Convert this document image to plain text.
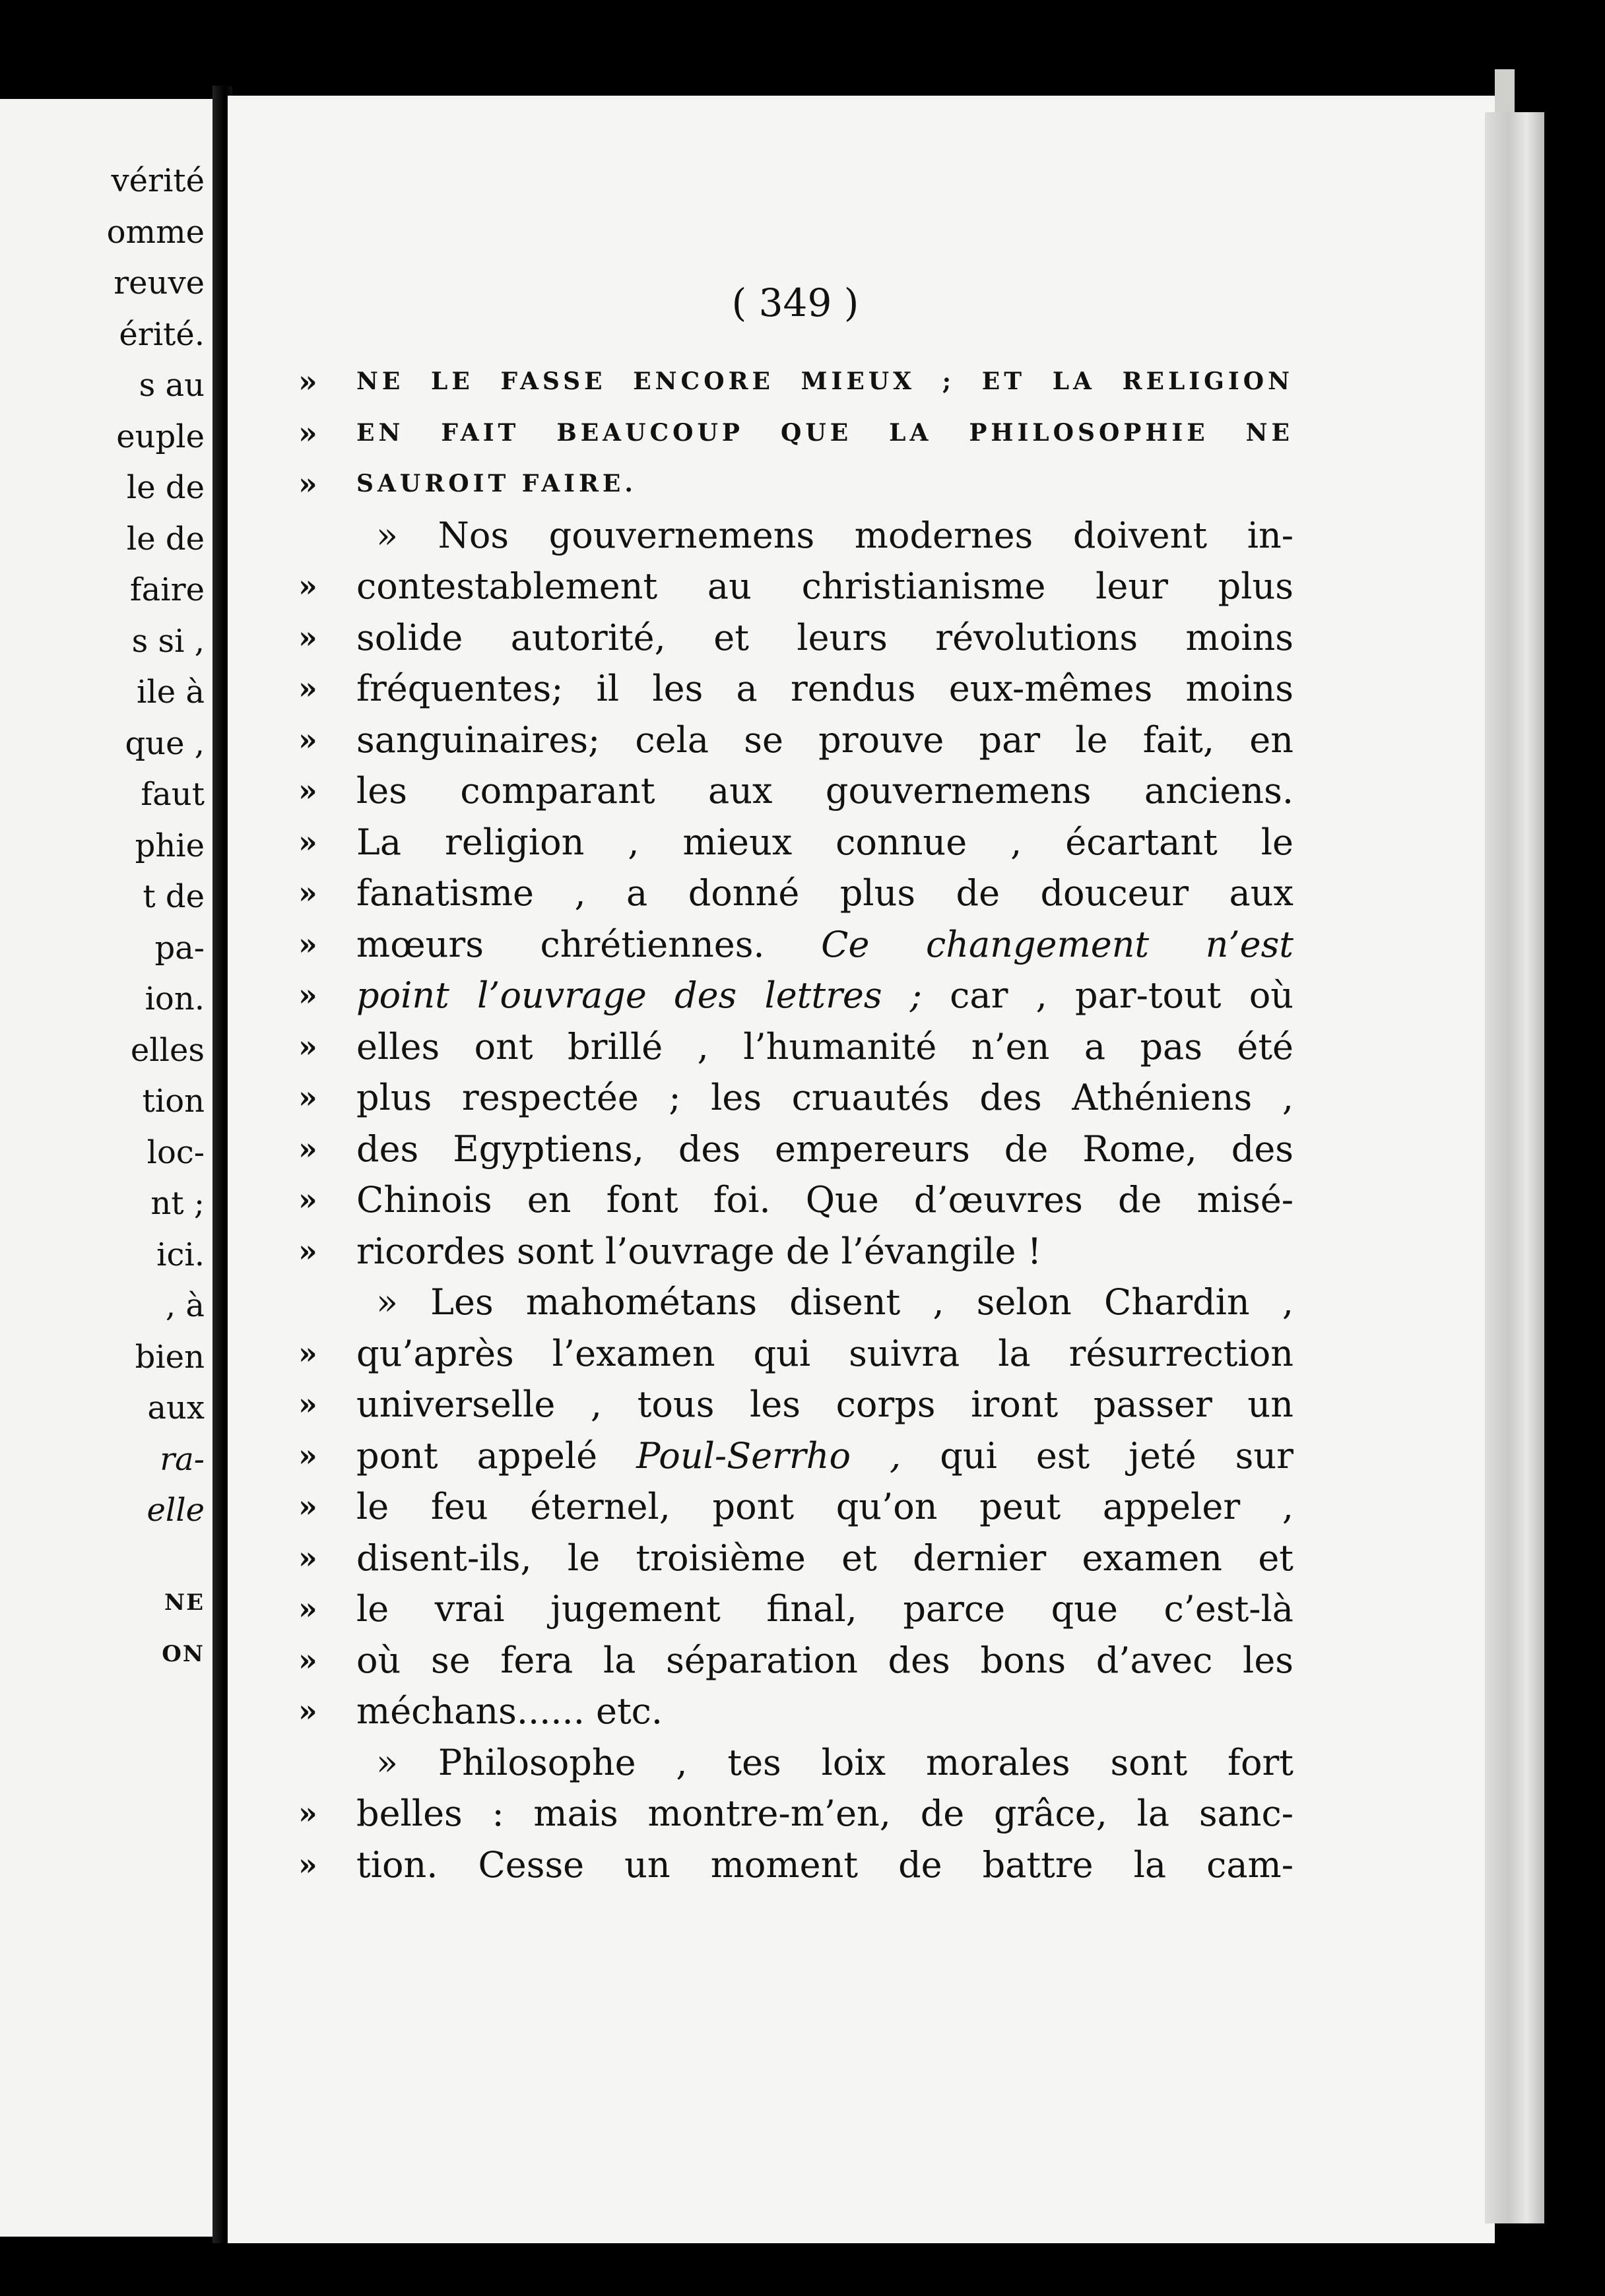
vérité
omme
reuve
érité.
s au
euple
le de
le de
faire
s si ,
ile à
que ,
faut
phie
t de
pa-
ion.
elles
tion
loc-
nt ;
ici.
, à
bien
aux
ra-
elle
NE
ON
( 349 )
» NE LE FASSE ENCORE MIEUX ; ET LA RELIGION
» EN FAIT BEAUCOUP QUE LA PHILOSOPHIE NE
» SAUROIT FAIRE.
» Nos gouvernemens modernes doivent in-
» contestablement au christianisme leur plus
» solide autorité, et leurs révolutions moins
» fréquentes; il les a rendus eux-mêmes moins
» sanguinaires; cela se prouve par le fait, en
» les comparant aux gouvernemens anciens.
» La religion , mieux connue , écartant le
» fanatisme , a donné plus de douceur aux
» mœurs chrétiennes. Ce changement n’est
» point l’ouvrage des lettres ; car , par-tout où
» elles ont brillé , l’humanité n’en a pas été
» plus respectée ; les cruautés des Athéniens ,
» des Egyptiens, des empereurs de Rome, des
» Chinois en font foi. Que d’œuvres de misé-
» ricordes sont l’ouvrage de l’évangile !
» Les mahométans disent , selon Chardin ,
» qu’après l’examen qui suivra la résurrection
» universelle , tous les corps iront passer un
» pont appelé Poul-Serrho , qui est jeté sur
» le feu éternel, pont qu’on peut appeler ,
» disent-ils, le troisième et dernier examen et
» le vrai jugement final, parce que c’est-là
» où se fera la séparation des bons d’avec les
» méchans...... etc.
» Philosophe , tes loix morales sont fort
» belles : mais montre-m’en, de grâce, la sanc-
» tion. Cesse un moment de battre la cam-
